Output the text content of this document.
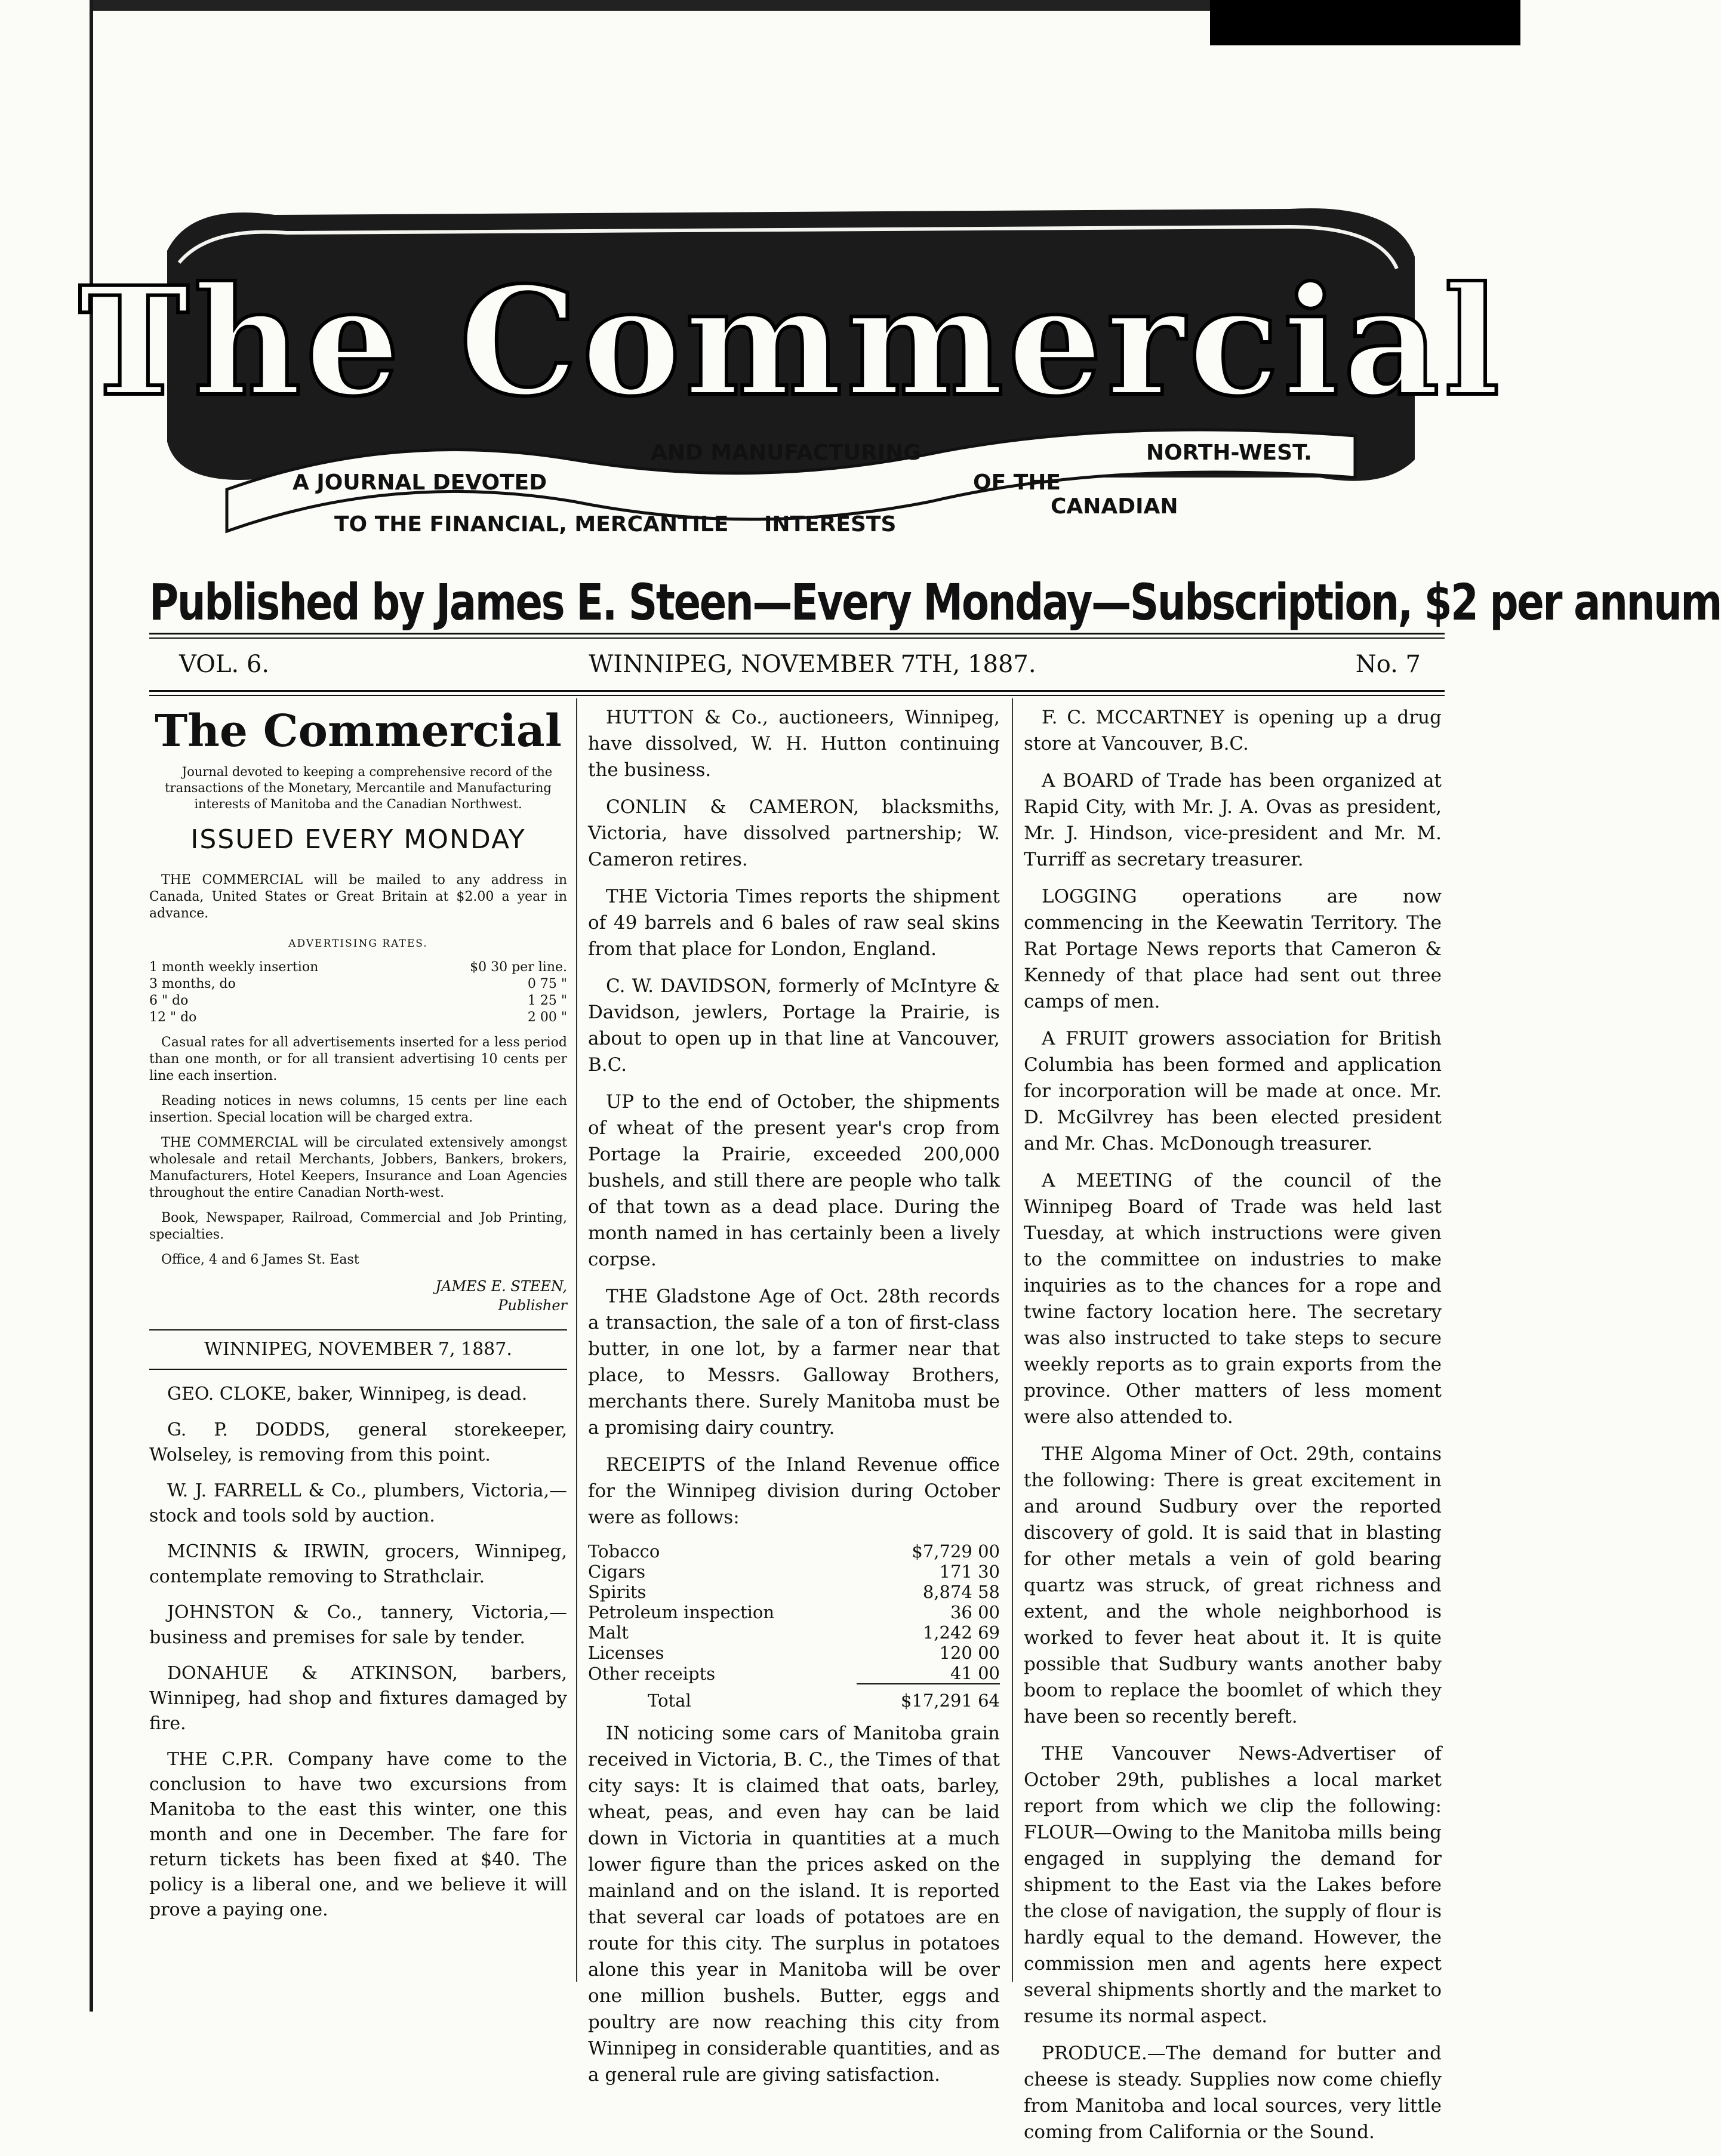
The Commercial
A JOURNAL DEVOTED
TO THE FINANCIAL, MERCANTILE
AND MANUFACTURING
INTERESTS
OF THE
CANADIAN
NORTH-WEST.
Published by James E. Steen—Every Monday—Subscription, $2 per annum
VOL. 6.	WINNIPEG, NOVEMBER 7TH, 1887.	No. 7
The Commercial

Journal devoted to keeping a comprehensive record of the transactions of the Monetary, Mercantile and Manufacturing interests of Manitoba and the Canadian Northwest.

ISSUED EVERY MONDAY

THE COMMERCIAL will be mailed to any address in Canada, United States or Great Britain at $2.00 a year in advance.

ADVERTISING RATES.
1 month weekly insertion	$0 30 per line.
3 months, do	0 75 "
6 " do	1 25 "
12 " do	2 00 "

Casual rates for all advertisements inserted for a less period than one month, or for all transient advertising 10 cents per line each insertion.

Reading notices in news columns, 15 cents per line each insertion. Special location will be charged extra.

THE COMMERCIAL will be circulated extensively amongst wholesale and retail Merchants, Jobbers, Bankers, brokers, Manufacturers, Hotel Keepers, Insurance and Loan Agencies throughout the entire Canadian North-west.

Book, Newspaper, Railroad, Commercial and Job Printing, specialties.

Office, 4 and 6 James St. East

JAMES E. STEEN,

Publisher

WINNIPEG, NOVEMBER 7, 1887.

GEO. CLOKE, baker, Winnipeg, is dead.

G. P. DODDS, general storekeeper, Wolseley, is removing from this point.

W. J. FARRELL & Co., plumbers, Victoria,—stock and tools sold by auction.

MCINNIS & IRWIN, grocers, Winnipeg, contemplate removing to Strathclair.

JOHNSTON & Co., tannery, Victoria,—business and premises for sale by tender.

DONAHUE & ATKINSON, barbers, Winnipeg, had shop and fixtures damaged by fire.

THE C.P.R. Company have come to the conclusion to have two excursions from Manitoba to the east this winter, one this month and one in December. The fare for return tickets has been fixed at $40. The policy is a liberal one, and we believe it will prove a paying one.

HUTTON & Co., auctioneers, Winnipeg, have dissolved, W. H. Hutton continuing the business.

CONLIN & CAMERON, blacksmiths, Victoria, have dissolved partnership; W. Cameron retires.

THE Victoria Times reports the shipment of 49 barrels and 6 bales of raw seal skins from that place for London, England.

C. W. DAVIDSON, formerly of McIntyre & Davidson, jewlers, Portage la Prairie, is about to open up in that line at Vancouver, B.C.

UP to the end of October, the shipments of wheat of the present year's crop from Portage la Prairie, exceeded 200,000 bushels, and still there are people who talk of that town as a dead place. During the month named in has certainly been a lively corpse.

THE Gladstone Age of Oct. 28th records a transaction, the sale of a ton of first-class butter, in one lot, by a farmer near that place, to Messrs. Galloway Brothers, merchants there. Surely Manitoba must be a promising dairy country.

RECEIPTS of the Inland Revenue office for the Winnipeg division during October were as follows:

Tobacco	$7,729 00
Cigars	171 30
Spirits	8,874 58
Petroleum inspection	36 00
Malt	1,242 69
Licenses	120 00
Other receipts	41 00
Total	$17,291 64

IN noticing some cars of Manitoba grain received in Victoria, B. C., the Times of that city says: It is claimed that oats, barley, wheat, peas, and even hay can be laid down in Victoria in quantities at a much lower figure than the prices asked on the mainland and on the island. It is reported that several car loads of potatoes are en route for this city. The surplus in potatoes alone this year in Manitoba will be over one million bushels. Butter, eggs and poultry are now reaching this city from Winnipeg in considerable quantities, and as a general rule are giving satisfaction.

F. C. MCCARTNEY is opening up a drug store at Vancouver, B.C.

A BOARD of Trade has been organized at Rapid City, with Mr. J. A. Ovas as president, Mr. J. Hindson, vice-president and Mr. M. Turriff as secretary treasurer.

LOGGING operations are now commencing in the Keewatin Territory. The Rat Portage News reports that Cameron & Kennedy of that place had sent out three camps of men.

A FRUIT growers association for British Columbia has been formed and application for incorporation will be made at once. Mr. D. McGilvrey has been elected president and Mr. Chas. McDonough treasurer.

A MEETING of the council of the Winnipeg Board of Trade was held last Tuesday, at which instructions were given to the committee on industries to make inquiries as to the chances for a rope and twine factory location here. The secretary was also instructed to take steps to secure weekly reports as to grain exports from the province. Other matters of less moment were also attended to.

THE Algoma Miner of Oct. 29th, contains the following: There is great excitement in and around Sudbury over the reported discovery of gold. It is said that in blasting for other metals a vein of gold bearing quartz was struck, of great richness and extent, and the whole neighborhood is worked to fever heat about it. It is quite possible that Sudbury wants another baby boom to replace the boomlet of which they have been so recently bereft.

THE Vancouver News-Advertiser of October 29th, publishes a local market report from which we clip the following: FLOUR—Owing to the Manitoba mills being engaged in supplying the demand for shipment to the East via the Lakes before the close of navigation, the supply of flour is hardly equal to the demand. However, the commission men and agents here expect several shipments shortly and the market to resume its normal aspect.

PRODUCE.—The demand for butter and cheese is steady. Supplies now come chiefly from Manitoba and local sources, very little coming from California or the Sound.
